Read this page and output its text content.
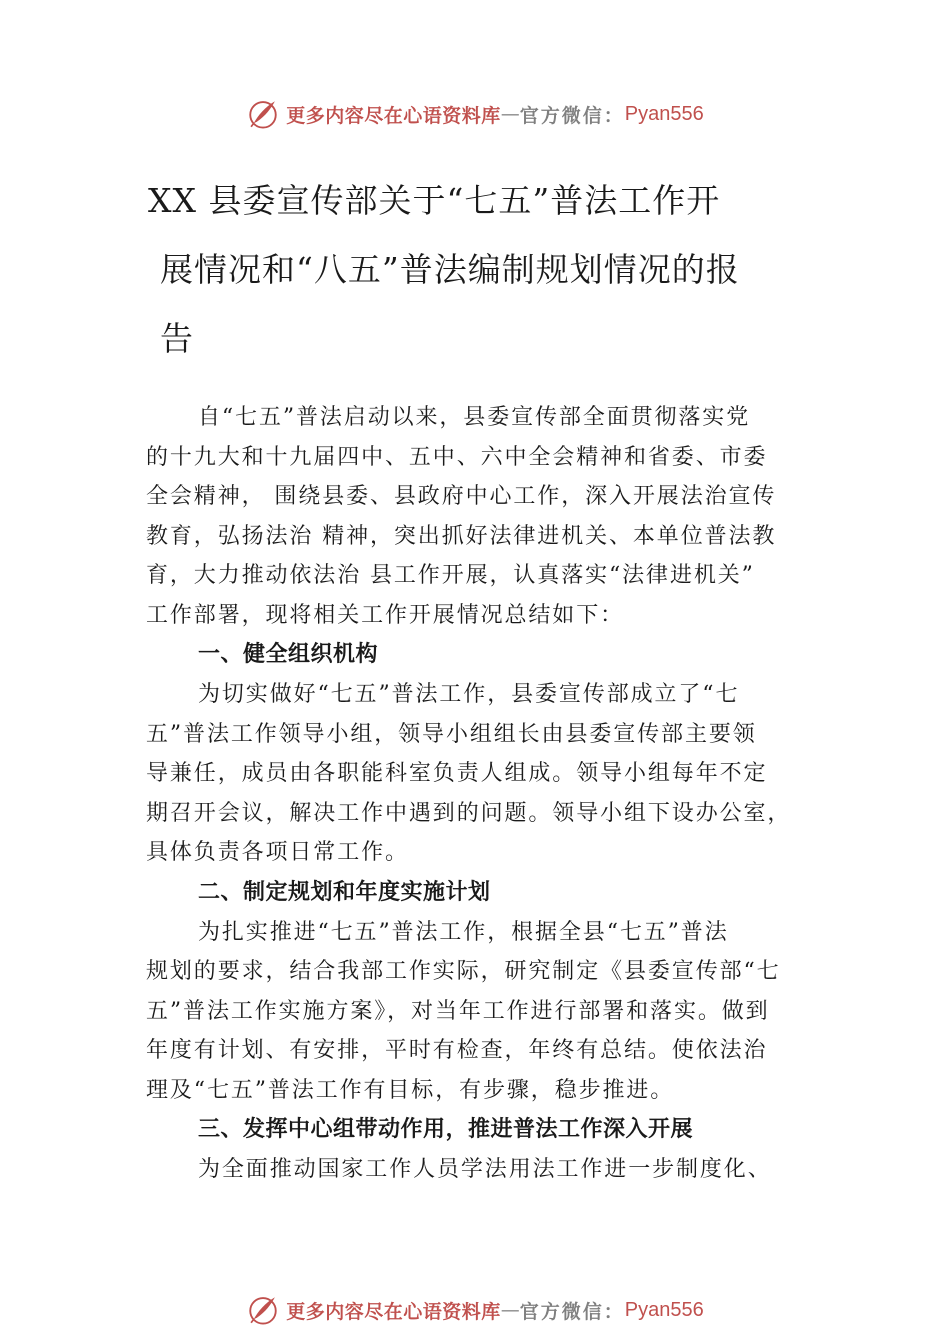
更多内容尽在心语资料库 — 官方微信： Pyan556
XX 县委宣传部关于“七五”普法工作开
展情况和“八五”普法编制规划情况的报
告
自“七五”普法启动以来，县委宣传部全面贯彻落实党
的十九大和十九届四中、五中、六中全会精神和省委、市委
全会精神， 围绕县委、县政府中心工作，深入开展法治宣传
教育，弘扬法治 精神，突出抓好法律进机关、本单位普法教
育，大力推动依法治 县工作开展，认真落实“法律进机关”
工作部署，现将相关工作开展情况总结如下：
一、健全组织机构
为切实做好“七五”普法工作，县委宣传部成立了“七
五”普法工作领导小组，领导小组组长由县委宣传部主要领
导兼任，成员由各职能科室负责人组成。领导小组每年不定
期召开会议，解决工作中遇到的问题。领导小组下设办公室，
具体负责各项日常工作。
二、制定规划和年度实施计划
为扎实推进“七五”普法工作，根据全县“七五”普法
规划的要求，结合我部工作实际，研究制定《县委宣传部“七
五”普法工作实施方案》，对当年工作进行部署和落实。做到
年度有计划、有安排，平时有检查，年终有总结。使依法治
理及“七五”普法工作有目标，有步骤，稳步推进。
三、发挥中心组带动作用，推进普法工作深入开展
为全面推动国家工作人员学法用法工作进一步制度化、
更多内容尽在心语资料库 — 官方微信： Pyan556
